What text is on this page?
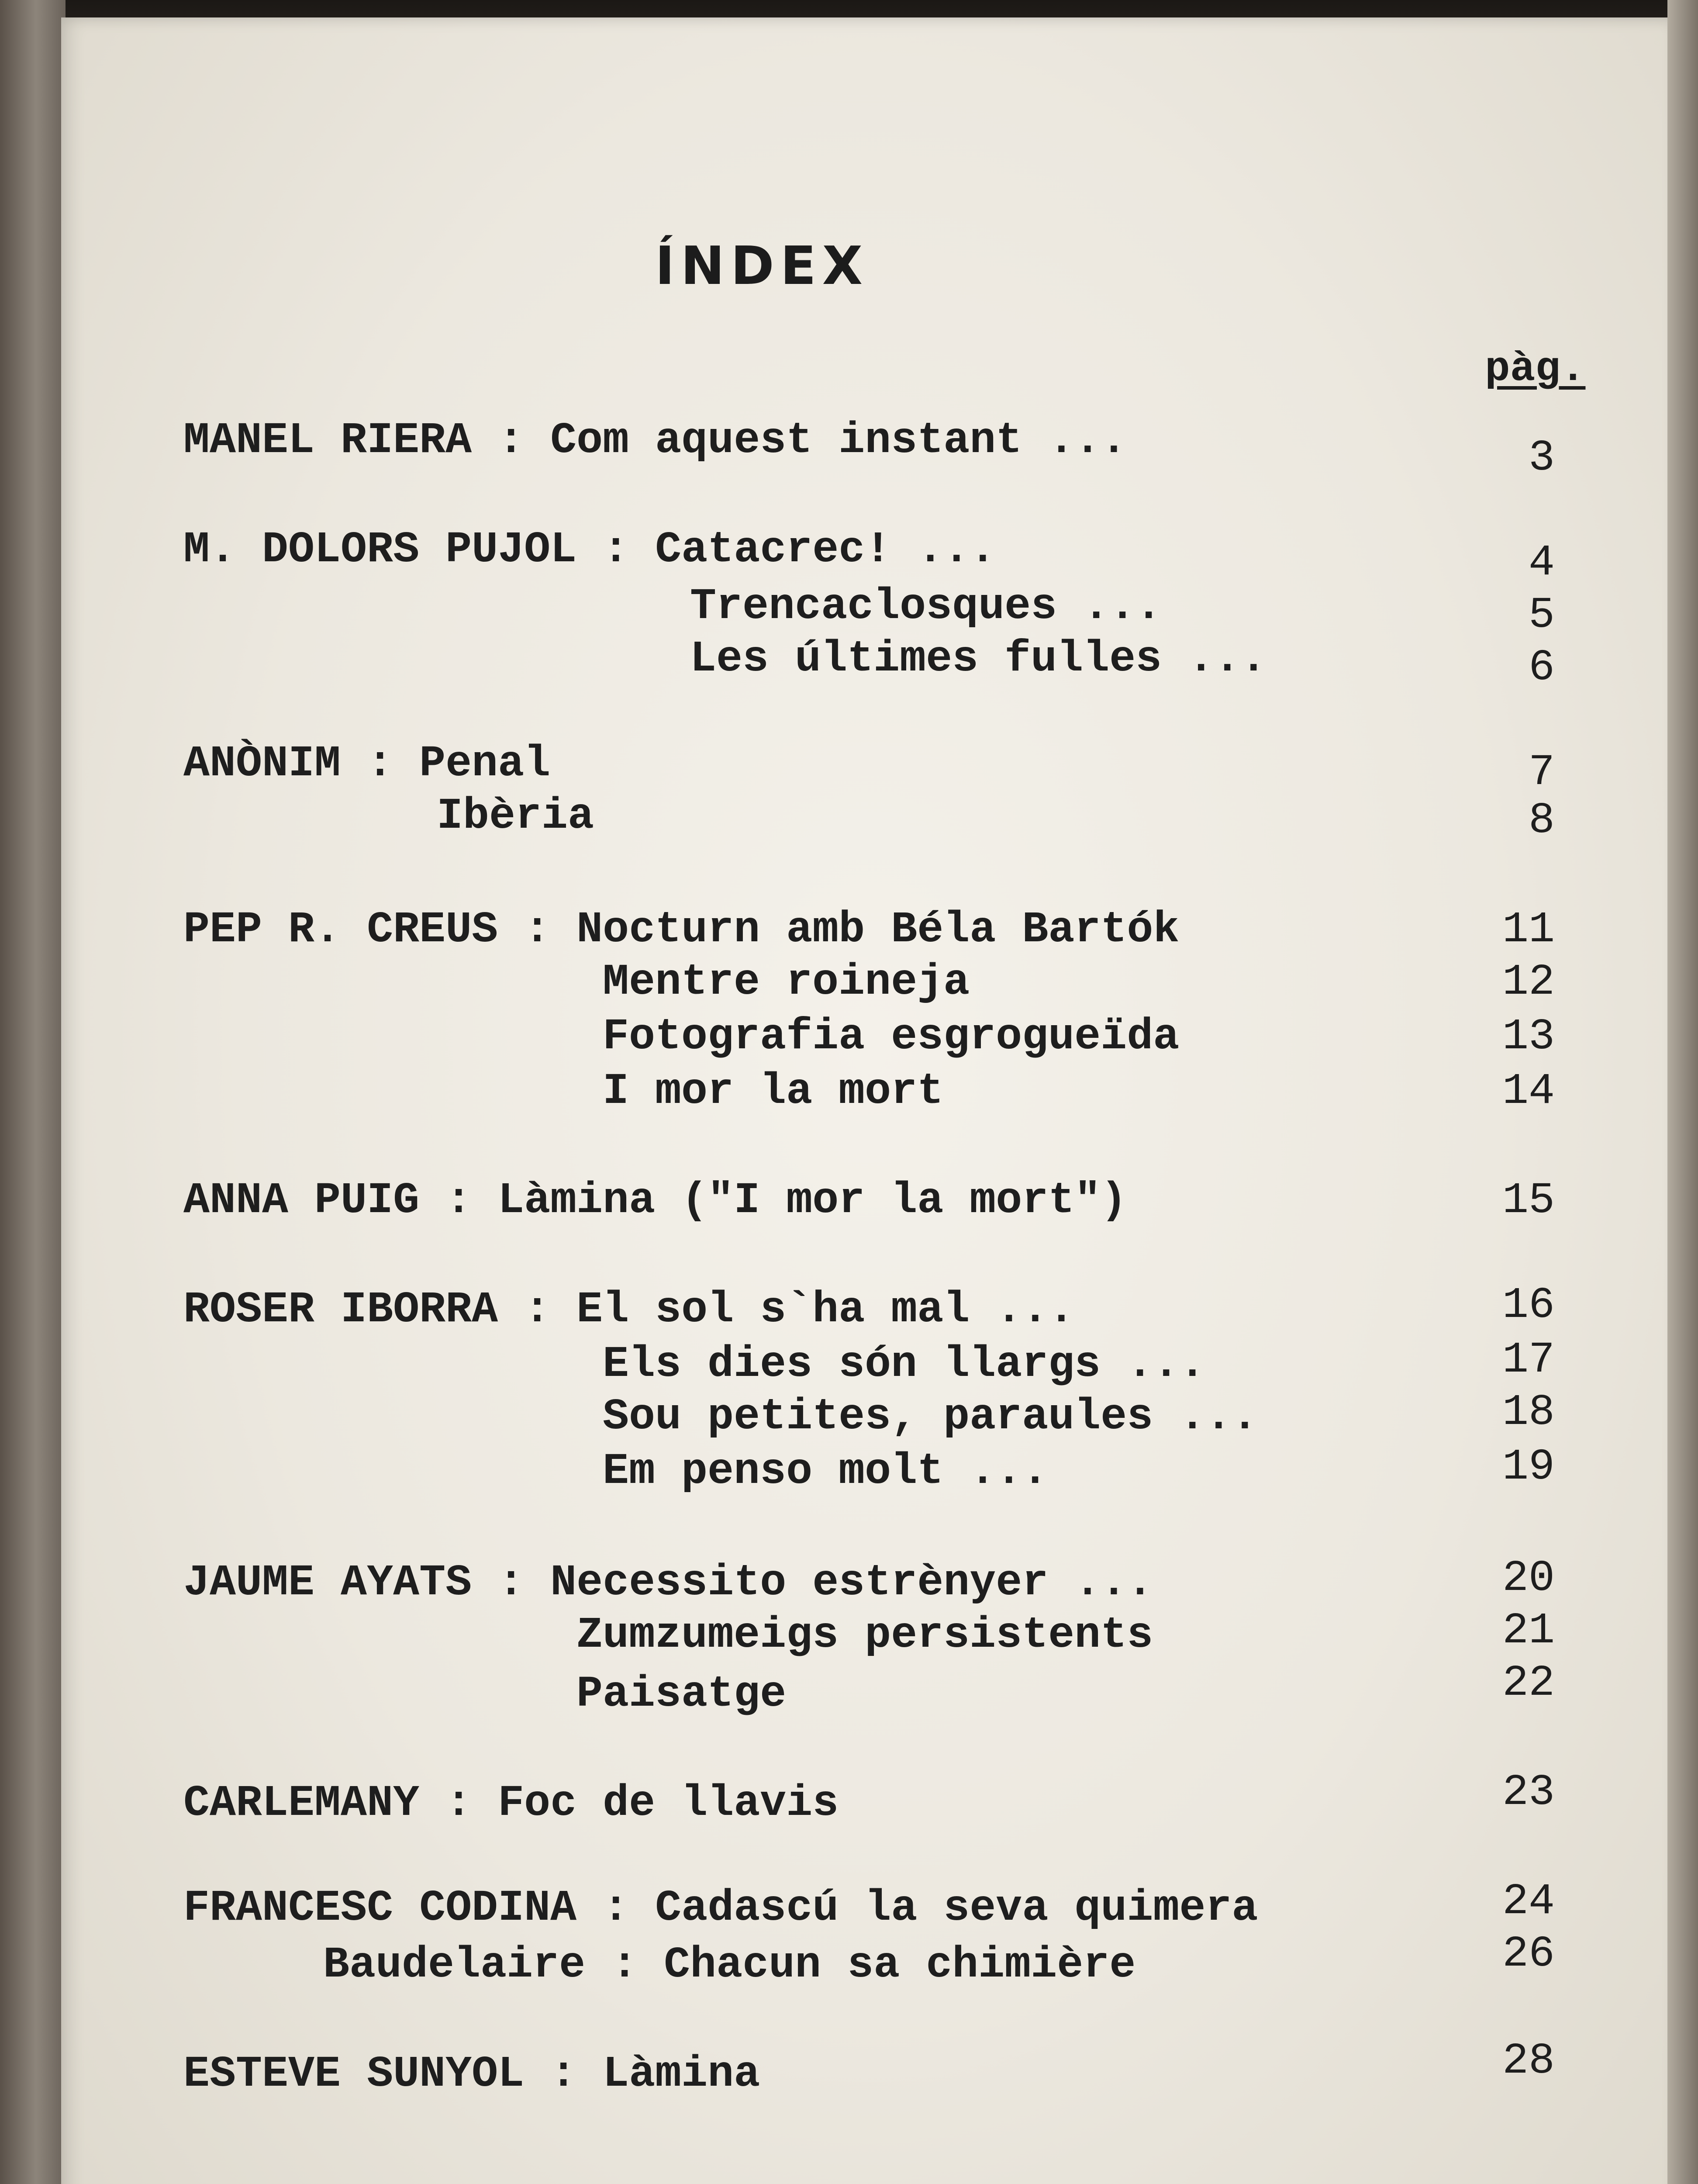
ÍNDEX
pàg.
MANEL RIERA : Com aquest instant ...	3
M. DOLORS PUJOL : Catacrec! ...	4
Trencaclosques ...	5
Les últimes fulles ...	6
ANÒNIM : Penal	7
Ibèria	8
PEP R. CREUS : Nocturn amb Béla Bartók	11
Mentre roineja	12
Fotografia esgrogueïda	13
I mor la mort	14
ANNA PUIG : Làmina ("I mor la mort")	15
ROSER IBORRA : El sol s`ha mal ...	16
Els dies són llargs ...	17
Sou petites, paraules ...	18
Em penso molt ...	19
JAUME AYATS : Necessito estrènyer ...	20
Zumzumeigs persistents	21
Paisatge	22
CARLEMANY : Foc de llavis	23
FRANCESC CODINA : Cadascú la seva quimera	24
Baudelaire : Chacun sa chimière	26
ESTEVE SUNYOL : Làmina	28
